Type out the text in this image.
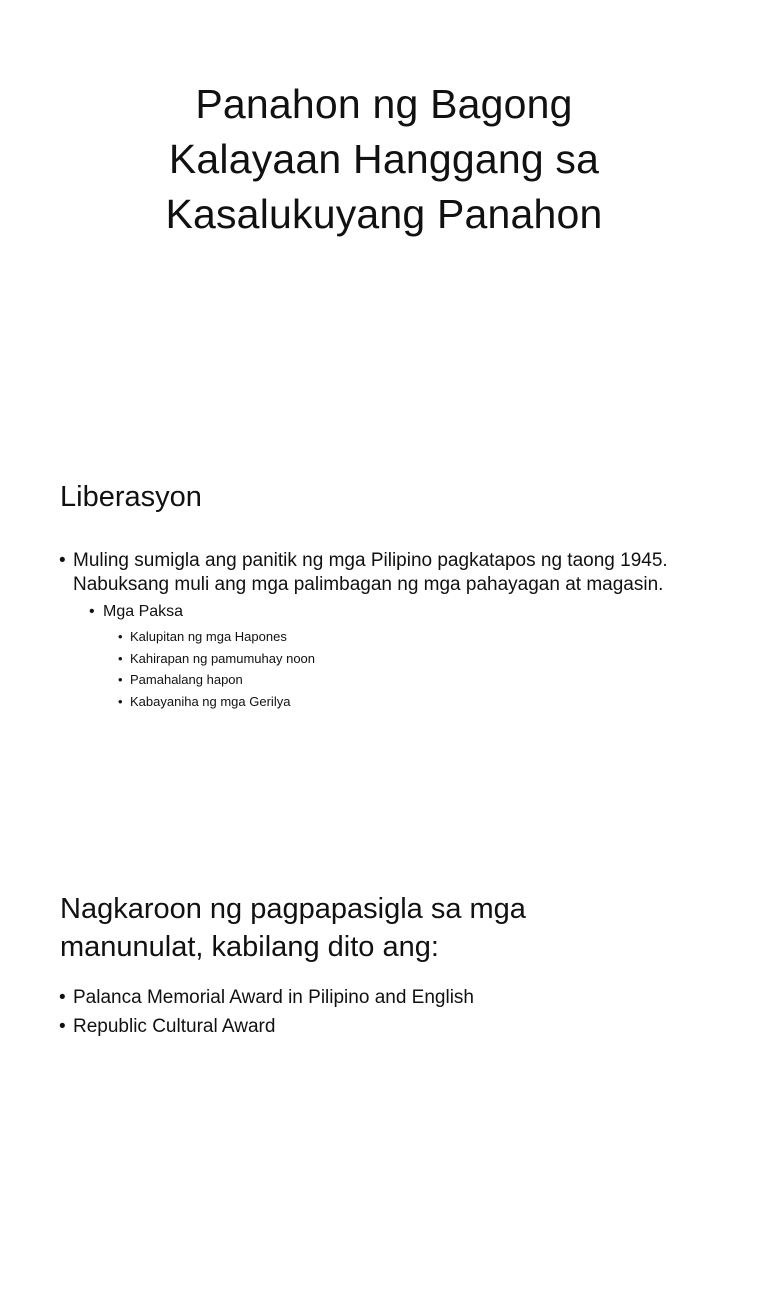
Panahon ng Bagong
Kalayaan Hanggang sa
Kasalukuyang Panahon
Liberasyon
• Muling sumigla ang panitik ng mga Pilipino pagkatapos ng taong 1945. Nabuksang muli ang mga palimbagan ng mga pahayagan at magasin.
• Mga Paksa
• Kalupitan ng mga Hapones
• Kahirapan ng pamumuhay noon
• Pamahalang hapon
• Kabayaniha ng mga Gerilya
Nagkaroon ng pagpapasigla sa mga
manunulat, kabilang dito ang:
• Palanca Memorial Award in Pilipino and English
• Republic Cultural Award
